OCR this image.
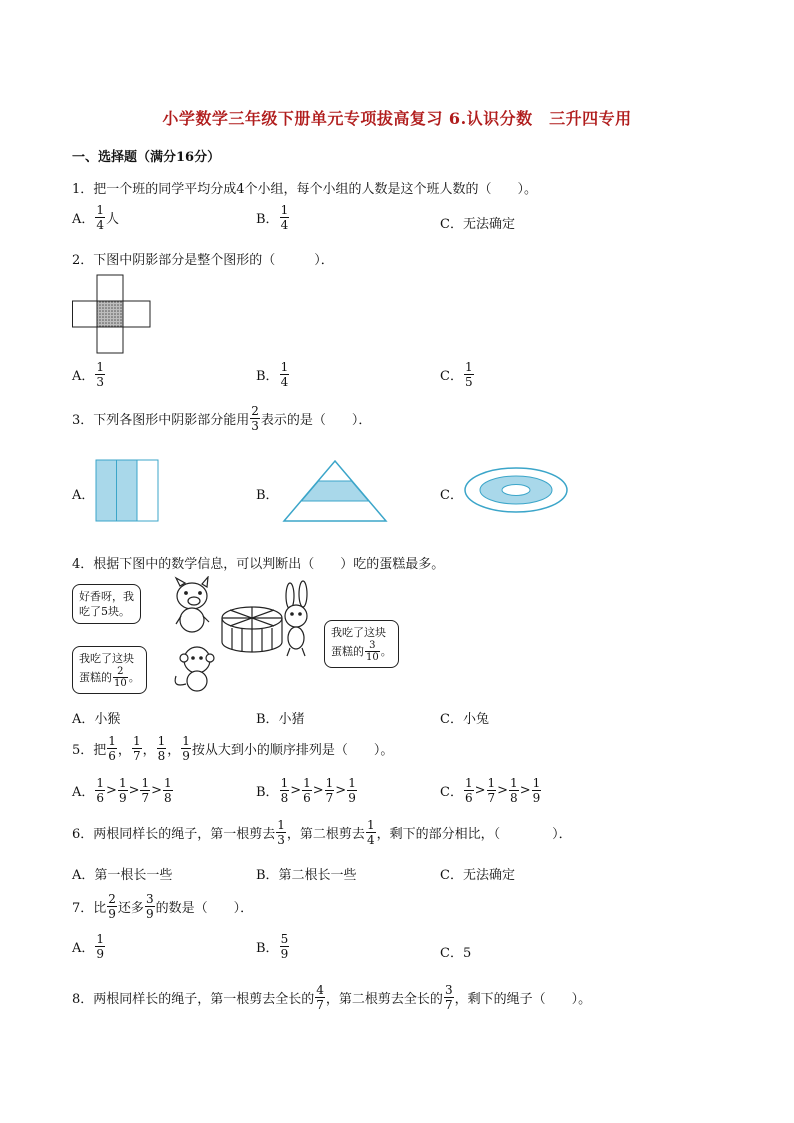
小学数学三年级下册单元专项拔高复习 6.认识分数　三升四专用
一、选择题（满分16分）
1．把一个班的同学平均分成4个小组，每个小组的人数是这个班人数的（　　）。
A． $\frac{1}{4}$ 人	B． $\frac{1}{4}$	C．无法确定
2．下图中阴影部分是整个图形的（　　　）．
A． $\frac{1}{3}$	B． $\frac{1}{4}$	C． $\frac{1}{5}$
3．下列各图形中阴影部分能用 $\frac{2}{3}$ 表示的是（　　）．
A．	B．	C．
4．根据下图中的数学信息，可以判断出（　　）吃的蛋糕最多。
好香呀，我
吃了5块。
我吃了这块
蛋糕的 $\frac{2}{10}$ 。
我吃了这块
蛋糕的 $\frac{3}{10}$ 。
A．小猴	B．小猪	C．小兔
5．把 $\frac{1}{6}$ ， $\frac{1}{7}$ ， $\frac{1}{8}$ ， $\frac{1}{9}$ 按从大到小的顺序排列是（　　）。
A． $\frac{1}{6} > \frac{1}{9} > \frac{1}{7} > \frac{1}{8}$	B． $\frac{1}{8} > \frac{1}{6} > \frac{1}{7} > \frac{1}{9}$	C． $\frac{1}{6} > \frac{1}{7} > \frac{1}{8} > \frac{1}{9}$
6．两根同样长的绳子，第一根剪去 $\frac{1}{3}$ ，第二根剪去 $\frac{1}{4}$ ，剩下的部分相比，（　　　　）．
A．第一根长一些	B．第二根长一些	C．无法确定
7．比 $\frac{2}{9}$ 还多 $\frac{3}{9}$ 的数是（　　）．
A． $\frac{1}{9}$	B． $\frac{5}{9}$	C．5
8．两根同样长的绳子，第一根剪去全长的 $\frac{4}{7}$ ，第二根剪去全长的 $\frac{3}{7}$ ，剩下的绳子（　　）。
